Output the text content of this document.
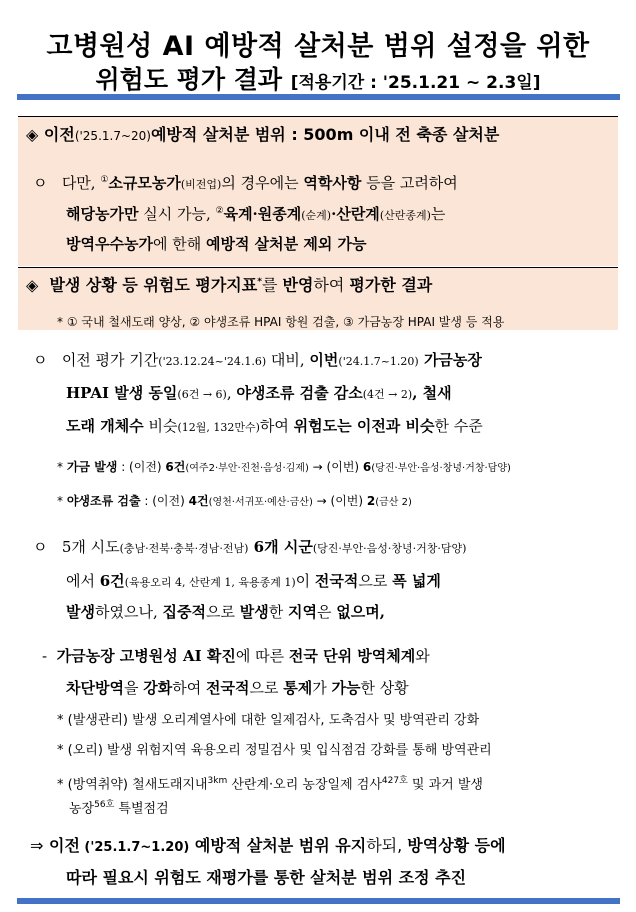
고병원성 AI 예방적 살처분 범위 설정을 위한
위험도 평가 결과 [적용기간 : '25.1.21 ~ 2.3일]
◈ 이전('25.1.7~20)예방적 살처분 범위 : 500m 이내 전 축종 살처분
ㅇ 다만, ①소규모농가(비전업)의 경우에는 역학사항 등을 고려하여
해당농가만 실시 가능, ②육계·원종계(순계)·산란계(산란종계)는
방역우수농가에 한해 예방적 살처분 제외 가능
◈ 발생 상황 등 위험도 평가지표*를 반영하여 평가한 결과
* ① 국내 철새도래 양상, ② 야생조류 HPAI 항원 검출, ③ 가금농장 HPAI 발생 등 적용
ㅇ 이전 평가 기간('23.12.24~'24.1.6) 대비, 이번('24.1.7~1.20) 가금농장
HPAI 발생 동일(6건 → 6), 야생조류 검출 감소(4건 → 2), 철새
도래 개체수 비슷(12월, 132만수)하여 위험도는 이전과 비슷한 수준
* 가금 발생 : (이전) 6건(여주2·부안·진천·음성·김제) → (이번) 6(당진·부안·음성·창녕·거창·담양)
* 야생조류 검출 : (이전) 4건(영천·서귀포·예산·금산) → (이번) 2(금산 2)
ㅇ 5개 시도(충남·전북·충북·경남·전남) 6개 시군(당진·부안·음성·창녕·거창·담양)
에서 6건(육용오리 4, 산란계 1, 육용종계 1)이 전국적으로 폭 넓게
발생하였으나, 집중적으로 발생한 지역은 없으며,
- 가금농장 고병원성 AI 확진에 따른 전국 단위 방역체계와
차단방역을 강화하여 전국적으로 통제가 가능한 상황
* (발생관리) 발생 오리계열사에 대한 일제검사, 도축검사 및 방역관리 강화
* (오리) 발생 위험지역 육용오리 정밀검사 및 입식점검 강화를 통해 방역관리
* (방역취약) 철새도래지내$^{3km}$ 산란계·오리 농장일제 검사$^{427호}$ 및 과거 발생
농장$^{56호}$ 특별점검
⇒ 이전 ('25.1.7~1.20) 예방적 살처분 범위 유지하되, 방역상황 등에
따라 필요시 위험도 재평가를 통한 살처분 범위 조정 추진
